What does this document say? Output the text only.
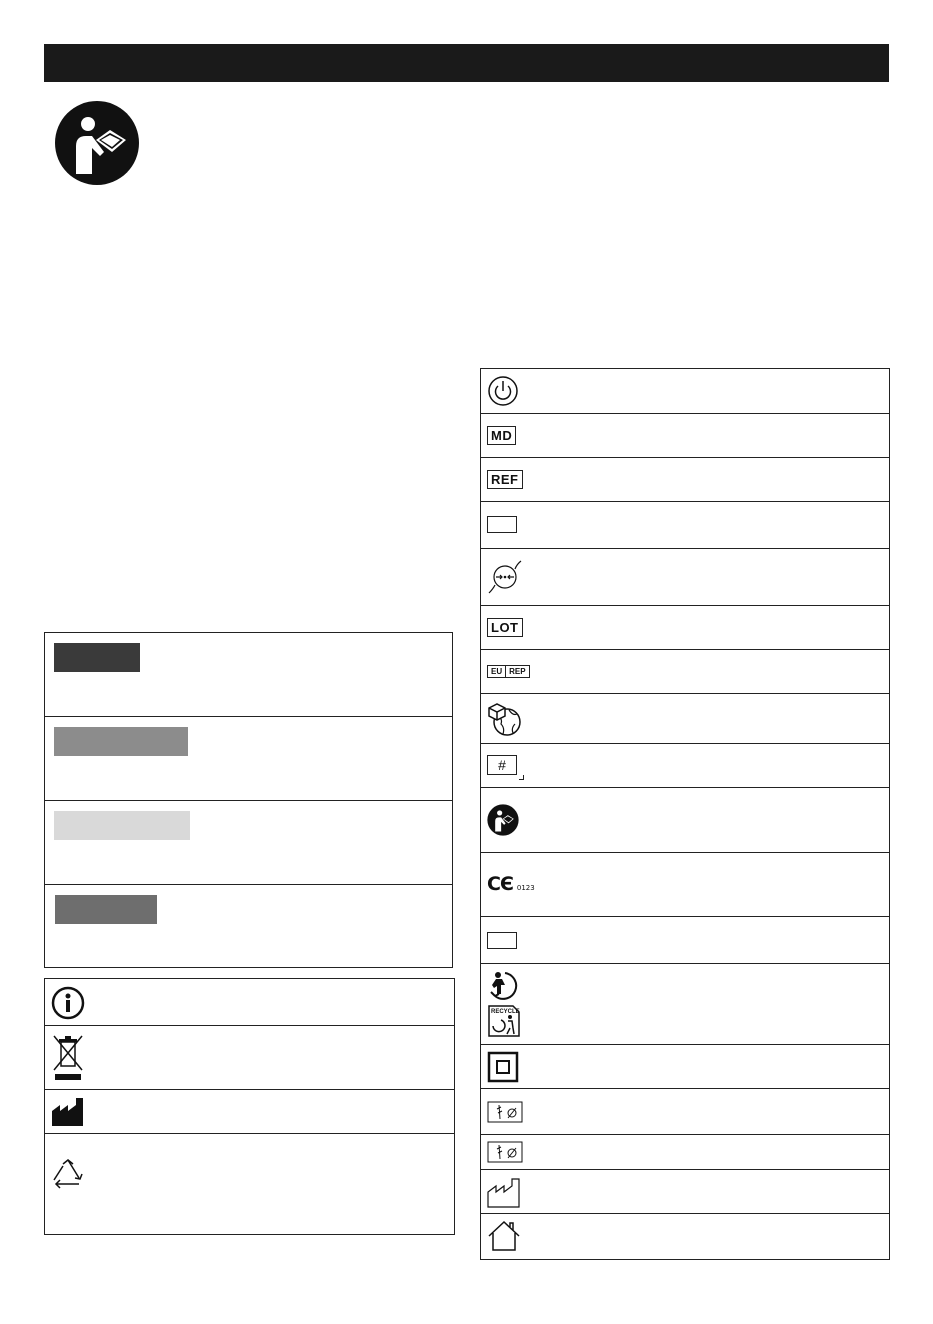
MD
REF
LOT
EU REP
#
CЄ 0123
RECYCLE
